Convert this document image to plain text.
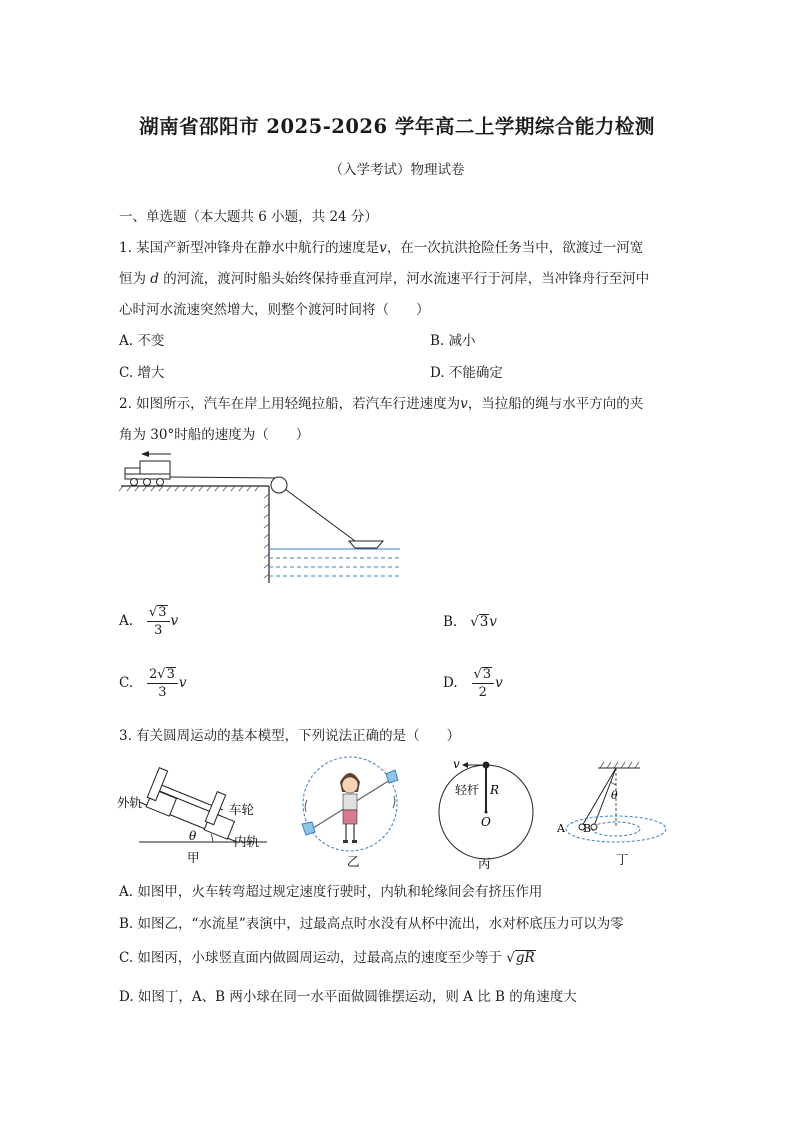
湖南省邵阳市 2025-2026 学年高二上学期综合能力检测
（入学考试）物理试卷
一、单选题（本大题共 6 小题，共 24 分）
1. 某国产新型冲锋舟在静水中航行的速度是v，在一次抗洪抢险任务当中，欲渡过一河宽
恒为 d 的河流，渡河时船头始终保持垂直河岸，河水流速平行于河岸，当冲锋舟行至河中
心时河水流速突然增大，则整个渡河时间将（　　）
A. 不变	B. 减小
C. 增大	D. 不能确定
2. 如图所示，汽车在岸上用轻绳拉船，若汽车行进速度为v，当拉船的绳与水平方向的夹
角为 30°时船的速度为（　　）
A. $\frac{√3}{3}$ v	B.   √3v
C. $\frac{2√3}{3}$ v	D. $\frac{√3}{2}$ v
3. 有关圆周运动的基本模型，下列说法正确的是（　　）
θ
外轨	车轮
内轨
甲	乙
v
轻杆 R
O
丙
θ
A B
丁
A. 如图甲，火车转弯超过规定速度行驶时，内轨和轮缘间会有挤压作用
B. 如图乙，“水流星”表演中，过最高点时水没有从杯中流出，水对杯底压力可以为零
C. 如图丙，小球竖直面内做圆周运动，过最高点的速度至少等于 √gR
D. 如图丁，A、B 两小球在同一水平面做圆锥摆运动，则 A 比 B 的角速度大
